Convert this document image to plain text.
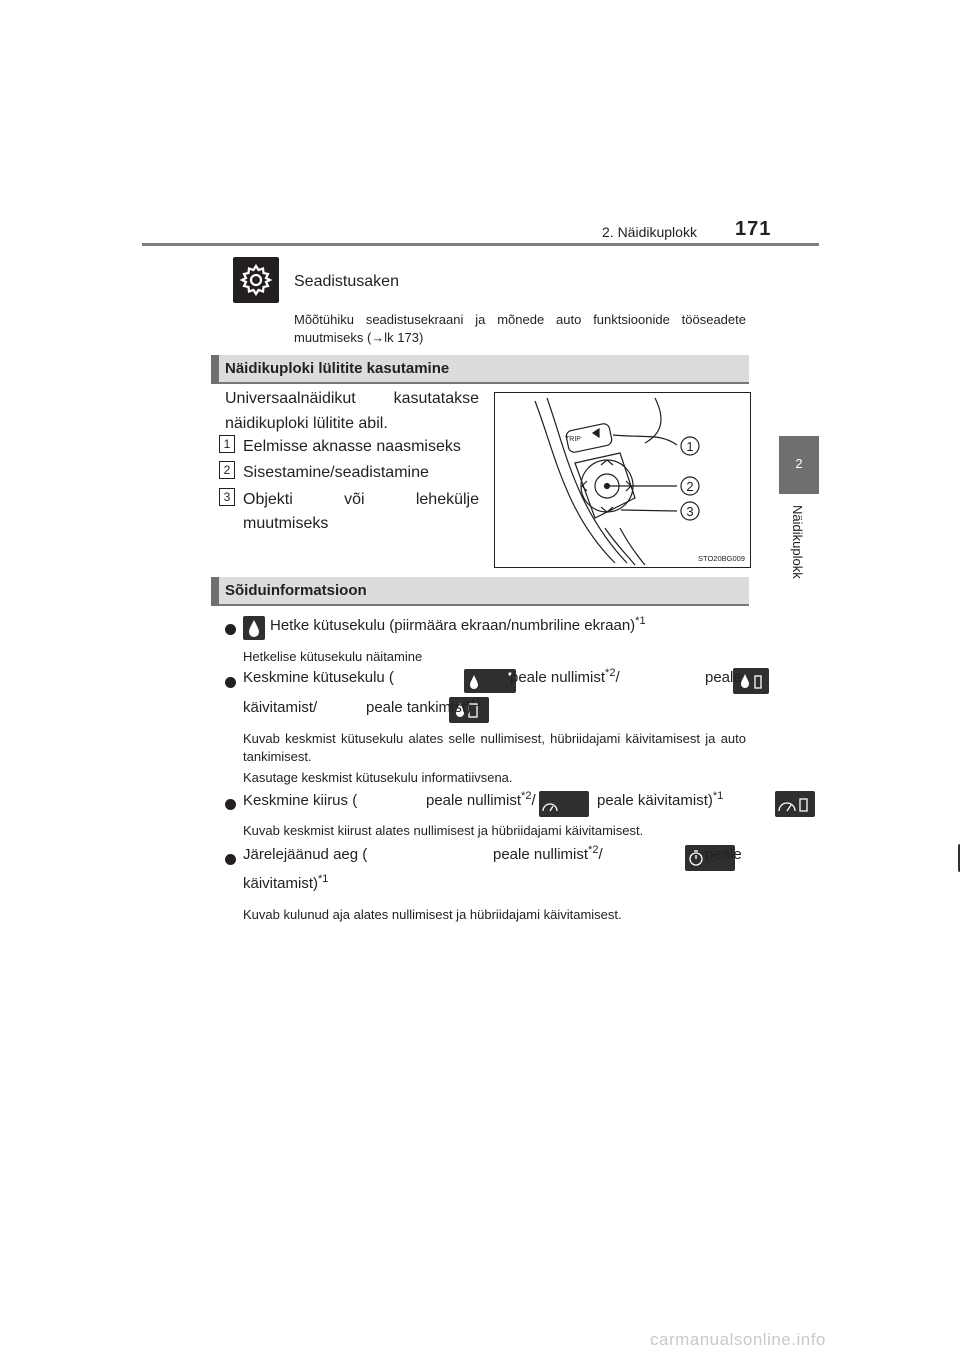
2. Näidikuplokk 171
2
Näidikuplokk
Seadistusaken
Mõõtühiku seadistusekraani ja mõnede auto funktsioonide tööseadete muutmiseks (→lk 173)
Näidikuploki lülitite kasutamine
Universaalnäidikut kasutatakse
näidikuploki lülitite abil.
1 Eelmisse aknasse naasmiseks
2 Sisestamine/seadistamine
3 Objekti või lehekülje
muutmiseks
TRIP	1
2
3
STO20BG009
Sõiduinformatsioon

Hetke kütusekulu (piirmäära ekraan/numbriline ekraan)$^{*1}$
Hetkelise kütusekulu näitamine
Keskmine kütusekulu (
	peale nullimist$^{*2}$/
	peale
käivitamist/
	peale tankimist)$^{*1}$
Kuvab keskmist kütusekulu alates selle nullimisest, hübriidajami käivitamisest ja auto tankimisest.
Kasutage keskmist kütusekulu informatiivsena.
Keskmine kiirus (
	peale nullimist$^{*2}$/
	peale käivitamist)$^{*1}$
Kuvab keskmist kiirust alates nullimisest ja hübriidajami käivitamisest.
Järelejäänud aeg (
	peale nullimist$^{*2}$/	peale
käivitamist)$^{*1}$
Kuvab kulunud aja alates nullimisest ja hübriidajami käivitamisest.
carmanualsonline.info
